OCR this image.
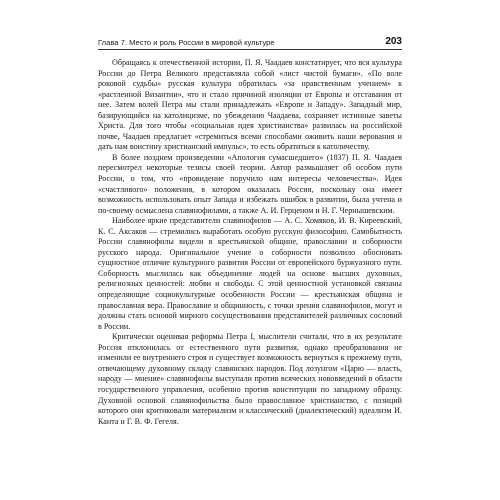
Глава 7. Место и роль России в мировой культуре	203

Обращаясь к отечественной истории, П. Я. Чаадаев констатирует, что вся культура России до Петра Великого представляла собой «лист чистой бумаги». «По воле роковой судьбы» русская культура обратилась «за нравственным учением» к «растленной Византии», что и стало причиной изоляции от Европы и отставания от нее. Затем волей Петра мы стали принадлежать «Европе и Западу». Западный мир, базирующийся на католицизме, по убеждению Чаадаева, сохраняет истинные заветы Христа. Для того чтобы «социальная идея христианства» развилась на российской почве, Чаадаев предлагает «стремиться всеми способами оживить наши верования и дать нам воистину христианский импульс», то есть обратиться к католичеству.

В более позднем произведении «Апология сумасшедшего» (1837) П. Я. Чаадаев пересмотрел некоторые тезисы своей теории. Автор размышляет об особом пути России, о том, что «провидение поручило нам интересы человечества». Идея «счастливого» положения, в котором оказалась Россия, поскольку она имеет возможность использовать опыт Запада и избежать ошибок в развитии, была учтена и по-своему осмыслена славянофилами, а также А. И. Герценом и Н. Г. Чернышевским.

Наиболее яркие представители славянофилов — А. С. Хомяков, И. В. Киреевский, К. С. Аксаков — стремились выработать особую русскую философию. Самобытность России славянофилы видели в крестьянской общине, православии и соборности русского народа. Оригинальное учение о соборности позволило обосновать сущностное отличие культурного развития России от европейского буржуазного пути. Соборность мыслилась как объединение людей на основе высших духовных, религиозных ценностей: любви и свободы. С этой ценностной установкой связаны определяющие социокультурные особенности России — крестьянская община и православная вера. Православие и общинность, с точки зрения славянофилов, могут и должны стать основой мирного сосуществования представителей различных сословий в России.

Критически оценивая реформы Петра I, мыслители считали, что в их результате Россия отклонилась от естественного пути развития, однако преобразования не изменили ее внутреннего строя и существует возможность вернуться к прежнему пути, отвечающему духовному складу славянских народов. Под лозунгом «Царю — власть, народу — мнение» славянофилы выступали против всяческих нововведений в области государственного управления, особенно против конституции по западному образцу. Духовной основой славянофильства было православное христианство, с позиций которого они критиковали материализм и классический (диалектический) идеализм И. Канта и Г. В. Ф. Гегеля.
